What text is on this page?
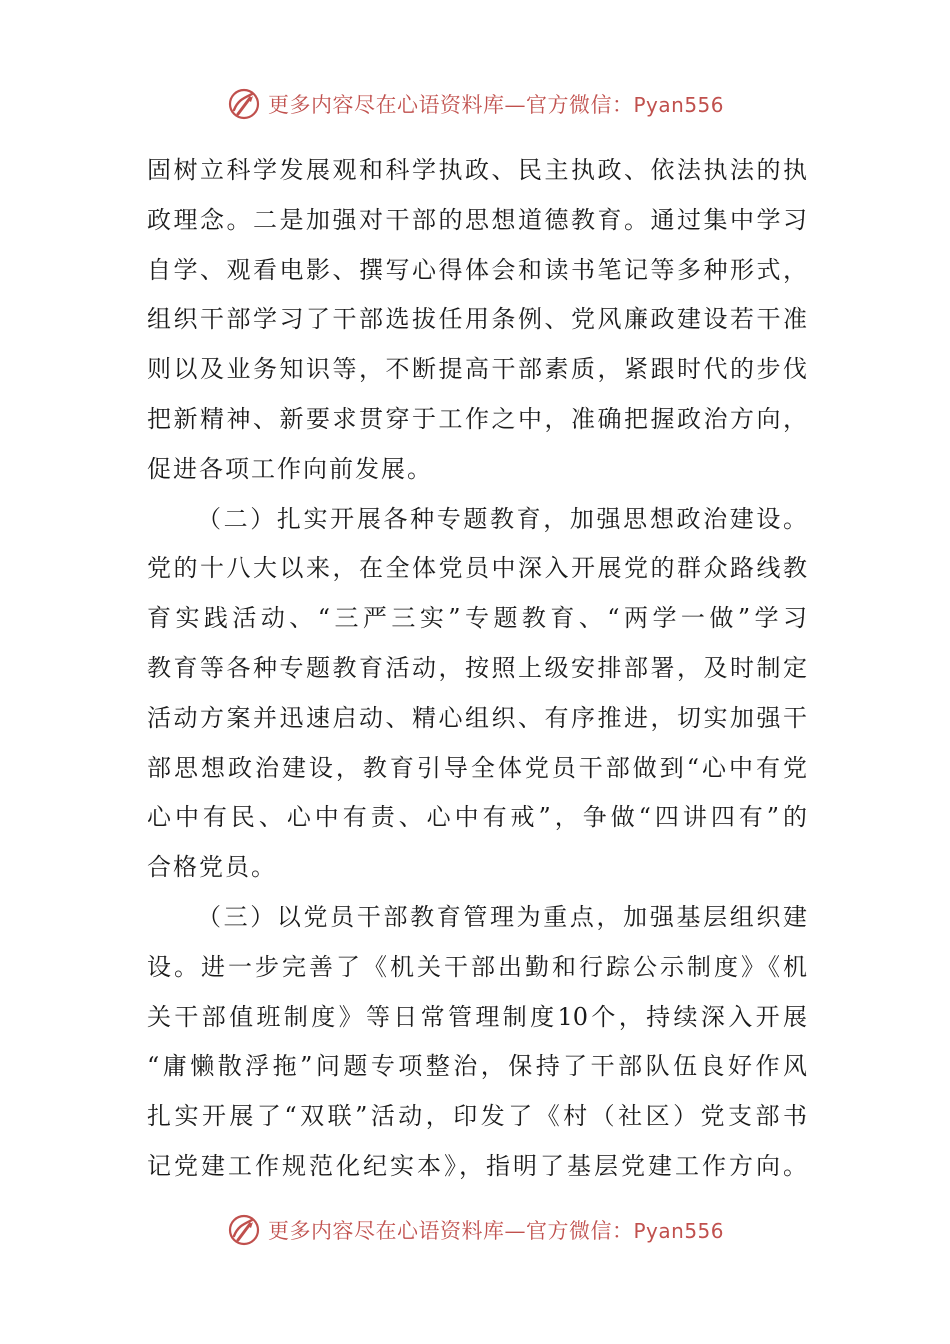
更多内容尽在心语资料库—官方微信：Pyan556
固树立科学发展观和科学执政、民主执政、依法执法的执
政理念。二是加强对干部的思想道德教育。通过集中学习
自学、观看电影、撰写心得体会和读书笔记等多种形式，
组织干部学习了干部选拔任用条例、党风廉政建设若干准
则以及业务知识等，不断提高干部素质，紧跟时代的步伐
把新精神、新要求贯穿于工作之中，准确把握政治方向，
促进各项工作向前发展。
（二）扎实开展各种专题教育，加强思想政治建设。
党的十八大以来，在全体党员中深入开展党的群众路线教
育实践活动、“三严三实”专题教育、“两学一做”学习
教育等各种专题教育活动，按照上级安排部署，及时制定
活动方案并迅速启动、精心组织、有序推进，切实加强干
部思想政治建设，教育引导全体党员干部做到“心中有党
心中有民、心中有责、心中有戒”，争做“四讲四有”的
合格党员。
（三）以党员干部教育管理为重点，加强基层组织建
设。进一步完善了《机关干部出勤和行踪公示制度》《机
关干部值班制度》等日常管理制度10个，持续深入开展
“庸懒散浮拖”问题专项整治，保持了干部队伍良好作风
扎实开展了“双联”活动，印发了《村（社区）党支部书
记党建工作规范化纪实本》，指明了基层党建工作方向。
更多内容尽在心语资料库—官方微信：Pyan556
